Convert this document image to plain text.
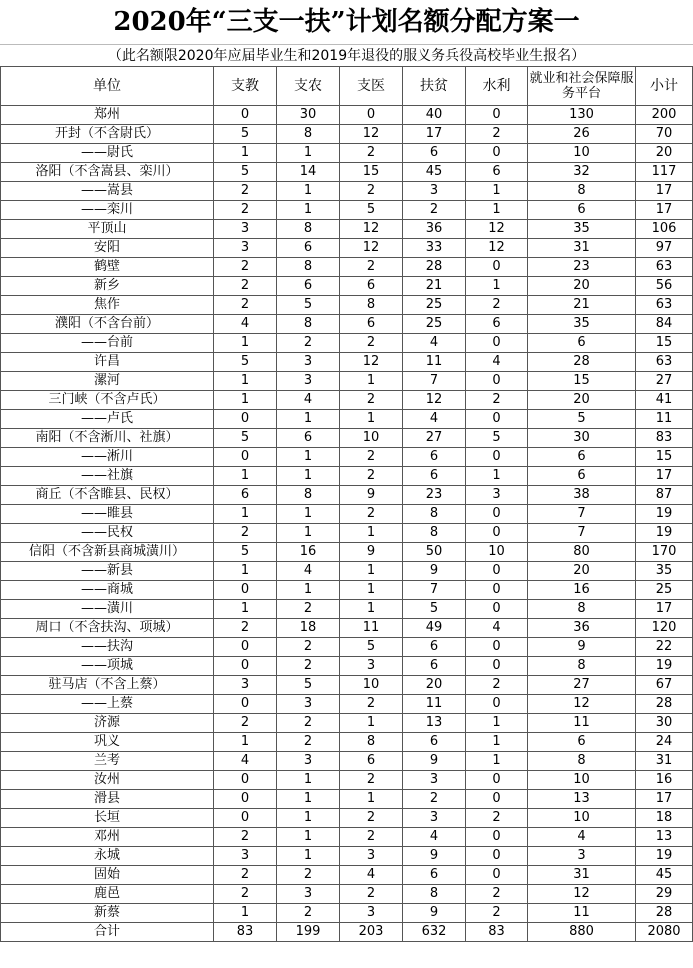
2020年“三支一扶”计划名额分配方案一
（此名额限2020年应届毕业生和2019年退役的服义务兵役高校毕业生报名）
单位	支教	支农	支医	扶贫	水利	就业和社会保障服务平台	小计
郑州	0	30	0	40	0	130	200
开封（不含尉氏）	5	8	12	17	2	26	70
——尉氏	1	1	2	6	0	10	20
洛阳（不含嵩县、栾川）	5	14	15	45	6	32	117
——嵩县	2	1	2	3	1	8	17
——栾川	2	1	5	2	1	6	17
平顶山	3	8	12	36	12	35	106
安阳	3	6	12	33	12	31	97
鹤壁	2	8	2	28	0	23	63
新乡	2	6	6	21	1	20	56
焦作	2	5	8	25	2	21	63
濮阳（不含台前）	4	8	6	25	6	35	84
——台前	1	2	2	4	0	6	15
许昌	5	3	12	11	4	28	63
漯河	1	3	1	7	0	15	27
三门峡（不含卢氏）	1	4	2	12	2	20	41
——卢氏	0	1	1	4	0	5	11
南阳（不含淅川、社旗）	5	6	10	27	5	30	83
——淅川	0	1	2	6	0	6	15
——社旗	1	1	2	6	1	6	17
商丘（不含睢县、民权）	6	8	9	23	3	38	87
——睢县	1	1	2	8	0	7	19
——民权	2	1	1	8	0	7	19
信阳（不含新县商城潢川）	5	16	9	50	10	80	170
——新县	1	4	1	9	0	20	35
——商城	0	1	1	7	0	16	25
——潢川	1	2	1	5	0	8	17
周口（不含扶沟、项城）	2	18	11	49	4	36	120
——扶沟	0	2	5	6	0	9	22
——项城	0	2	3	6	0	8	19
驻马店（不含上蔡）	3	5	10	20	2	27	67
——上蔡	0	3	2	11	0	12	28
济源	2	2	1	13	1	11	30
巩义	1	2	8	6	1	6	24
兰考	4	3	6	9	1	8	31
汝州	0	1	2	3	0	10	16
滑县	0	1	1	2	0	13	17
长垣	0	1	2	3	2	10	18
邓州	2	1	2	4	0	4	13
永城	3	1	3	9	0	3	19
固始	2	2	4	6	0	31	45
鹿邑	2	3	2	8	2	12	29
新蔡	1	2	3	9	2	11	28
合计	83	199	203	632	83	880	2080
